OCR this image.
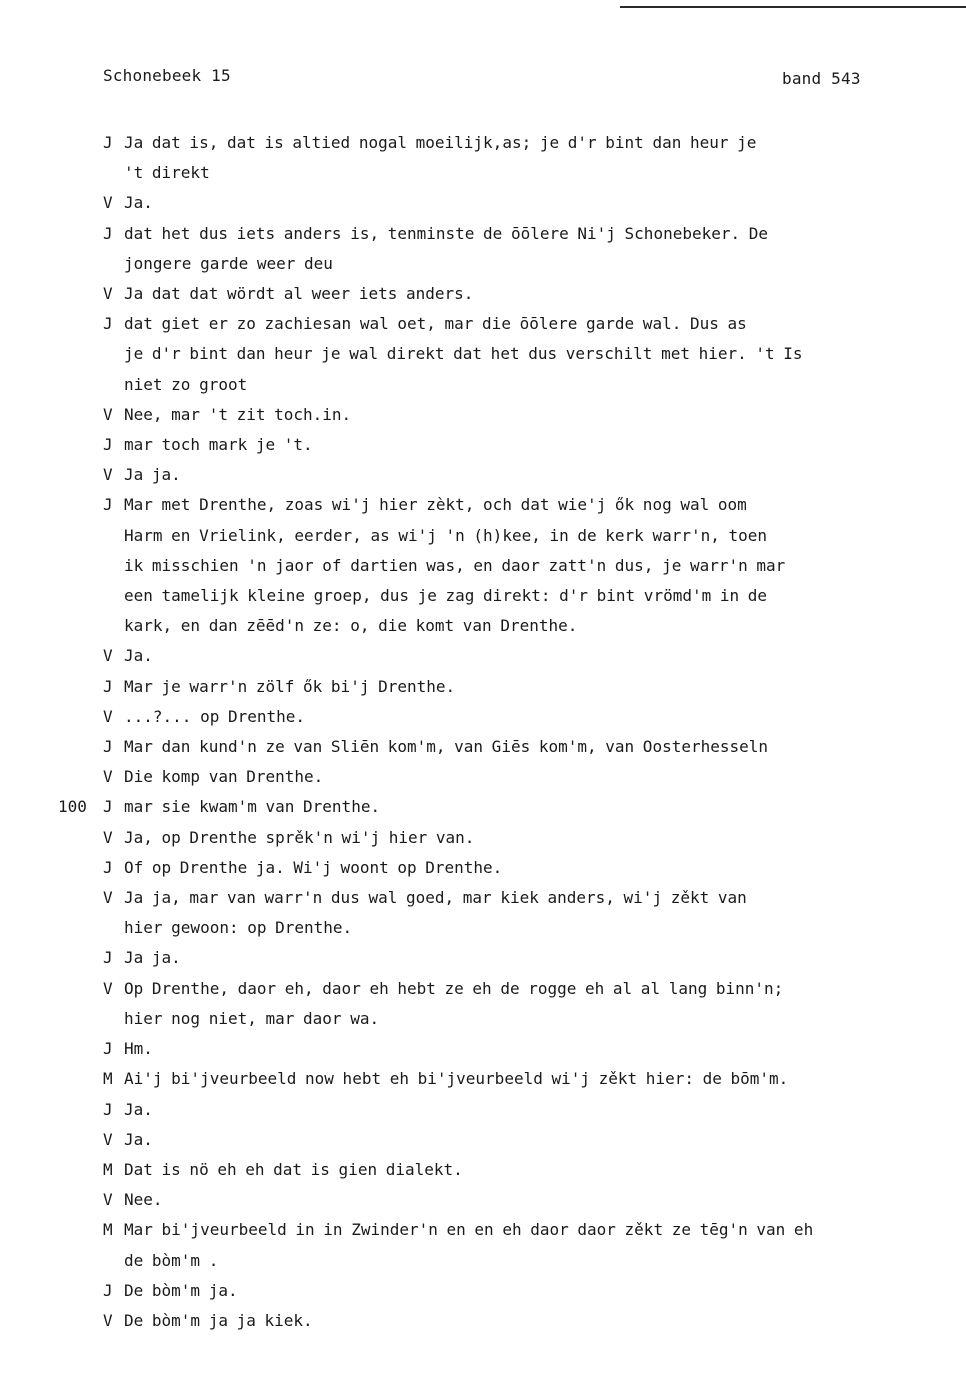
Schonebeek 15	band 543
J Ja dat is, dat is altied nogal moeilijk,as; je d'r bint dan heur je
't direkt
V Ja.
J dat het dus iets anders is, tenminste de ōōlere Ni'j Schonebeker. De
jongere garde weer deu
V Ja dat dat wördt al weer iets anders.
J dat giet er zo zachiesan wal oet, mar die ōōlere garde wal. Dus as
je d'r bint dan heur je wal direkt dat het dus verschilt met hier. 't Is
niet zo groot
V Nee, mar 't zit toch.in.
J mar toch mark je 't.
V Ja ja.
J Mar met Drenthe, zoas wi'j hier zèkt, och dat wie'j ők nog wal oom
Harm en Vrielink, eerder, as wi'j 'n (h)kee, in de kerk warr'n, toen
ik misschien 'n jaor of dartien was, en daor zatt'n dus, je warr'n mar
een tamelijk kleine groep, dus je zag direkt: d'r bint vrömd'm in de
kark, en dan zēēd'n ze: o, die komt van Drenthe.
V Ja.
J Mar je warr'n zölf ők bi'j Drenthe.
V ...?... op Drenthe.
J Mar dan kund'n ze van Sliēn kom'm, van Giēs kom'm, van Oosterhesseln
V Die komp van Drenthe.
100	J mar sie kwam'm van Drenthe.
V Ja, op Drenthe sprěk'n wi'j hier van.
J Of op Drenthe ja. Wi'j woont op Drenthe.
V Ja ja, mar van warr'n dus wal goed, mar kiek anders, wi'j zěkt van
hier gewoon: op Drenthe.
J Ja ja.
V Op Drenthe, daor eh, daor eh hebt ze eh de rogge eh al al lang binn'n;
hier nog niet, mar daor wa.
J Hm.
M Ai'j bi'jveurbeeld now hebt eh bi'jveurbeeld wi'j zěkt hier: de bōm'm.
J Ja.
V Ja.
M Dat is nö eh eh dat is gien dialekt.
V Nee.
M Mar bi'jveurbeeld in in Zwinder'n en en eh daor daor zěkt ze tēg'n van eh
de bòm'm .
J De bòm'm ja.
V De bòm'm ja ja kiek.
